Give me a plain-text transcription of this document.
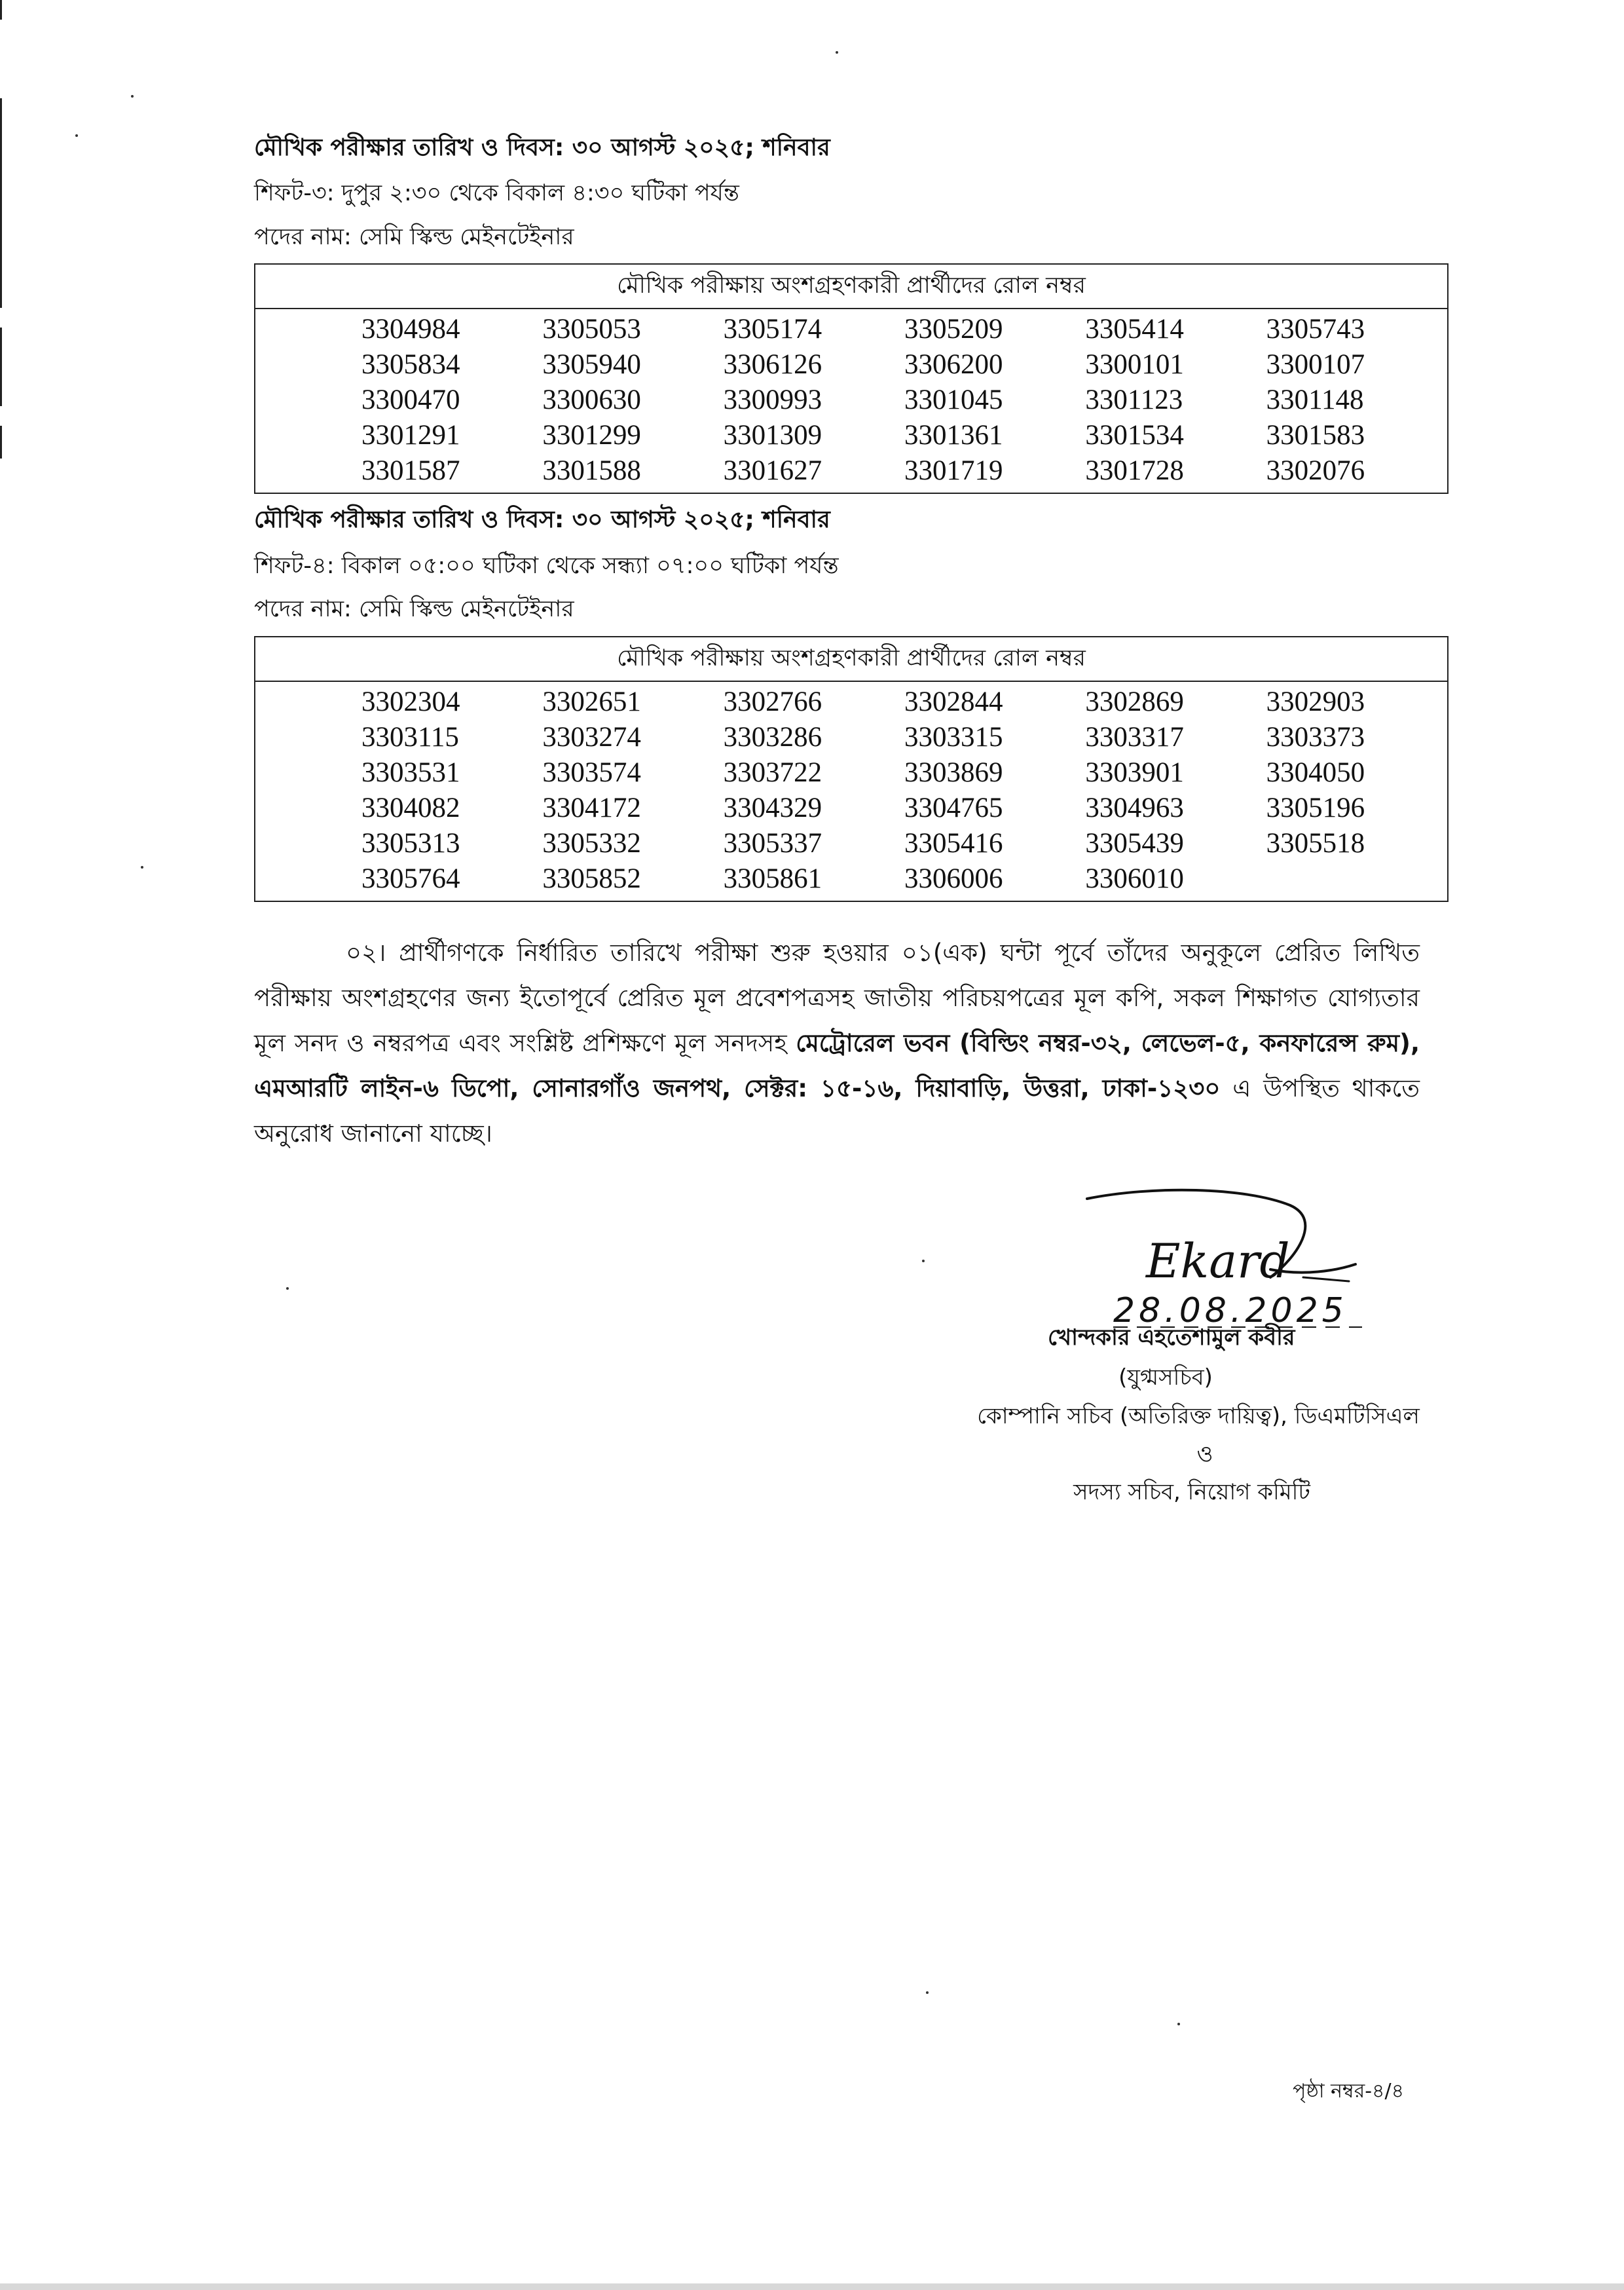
মৌখিক পরীক্ষার তারিখ ও দিবস: ৩০ আগস্ট ২০২৫; শনিবার
শিফট-৩: দুপুর ২:৩০ থেকে বিকাল ৪:৩০ ঘটিকা পর্যন্ত
পদের নাম: সেমি স্কিল্ড মেইনটেইনার
মৌখিক পরীক্ষায় অংশগ্রহণকারী প্রার্থীদের রোল নম্বর
3304984	3305053	3305174	3305209	3305414	3305743
3305834	3305940	3306126	3306200	3300101	3300107
3300470	3300630	3300993	3301045	3301123	3301148
3301291	3301299	3301309	3301361	3301534	3301583
3301587	3301588	3301627	3301719	3301728	3302076
মৌখিক পরীক্ষার তারিখ ও দিবস: ৩০ আগস্ট ২০২৫; শনিবার
শিফট-৪: বিকাল ০৫:০০ ঘটিকা থেকে সন্ধ্যা ০৭:০০ ঘটিকা পর্যন্ত
পদের নাম: সেমি স্কিল্ড মেইনটেইনার
মৌখিক পরীক্ষায় অংশগ্রহণকারী প্রার্থীদের রোল নম্বর
3302304	3302651	3302766	3302844	3302869	3302903
3303115	3303274	3303286	3303315	3303317	3303373
3303531	3303574	3303722	3303869	3303901	3304050
3304082	3304172	3304329	3304765	3304963	3305196
3305313	3305332	3305337	3305416	3305439	3305518
3305764	3305852	3305861	3306006	3306010
০২। প্রার্থীগণকে নির্ধারিত তারিখে পরীক্ষা শুরু হওয়ার ০১(এক) ঘন্টা পূর্বে তাঁদের অনুকূলে প্রেরিত লিখিত পরীক্ষায় অংশগ্রহণের জন্য ইতোপূর্বে প্রেরিত মূল প্রবেশপত্রসহ জাতীয় পরিচয়পত্রের মূল কপি, সকল শিক্ষাগত যোগ্যতার মূল সনদ ও নম্বরপত্র এবং সংশ্লিষ্ট প্রশিক্ষণে মূল সনদসহ মেট্রোরেল ভবন (বিল্ডিং নম্বর-৩২, লেভেল-৫, কনফারেন্স রুম), এমআরটি লাইন-৬ ডিপো, সোনারগাঁও জনপথ, সেক্টর: ১৫-১৬, দিয়াবাড়ি, উত্তরা, ঢাকা-১২৩০ এ উপস্থিত থাকতে অনুরোধ জানানো যাচ্ছে।
Ekard
28.08.2025
খোন্দকার এহতেশামুল কবীর
(যুগ্মসচিব)
কোম্পানি সচিব (অতিরিক্ত দায়িত্ব), ডিএমটিসিএল
ও
সদস্য সচিব, নিয়োগ কমিটি
পৃষ্ঠা নম্বর-৪/৪
